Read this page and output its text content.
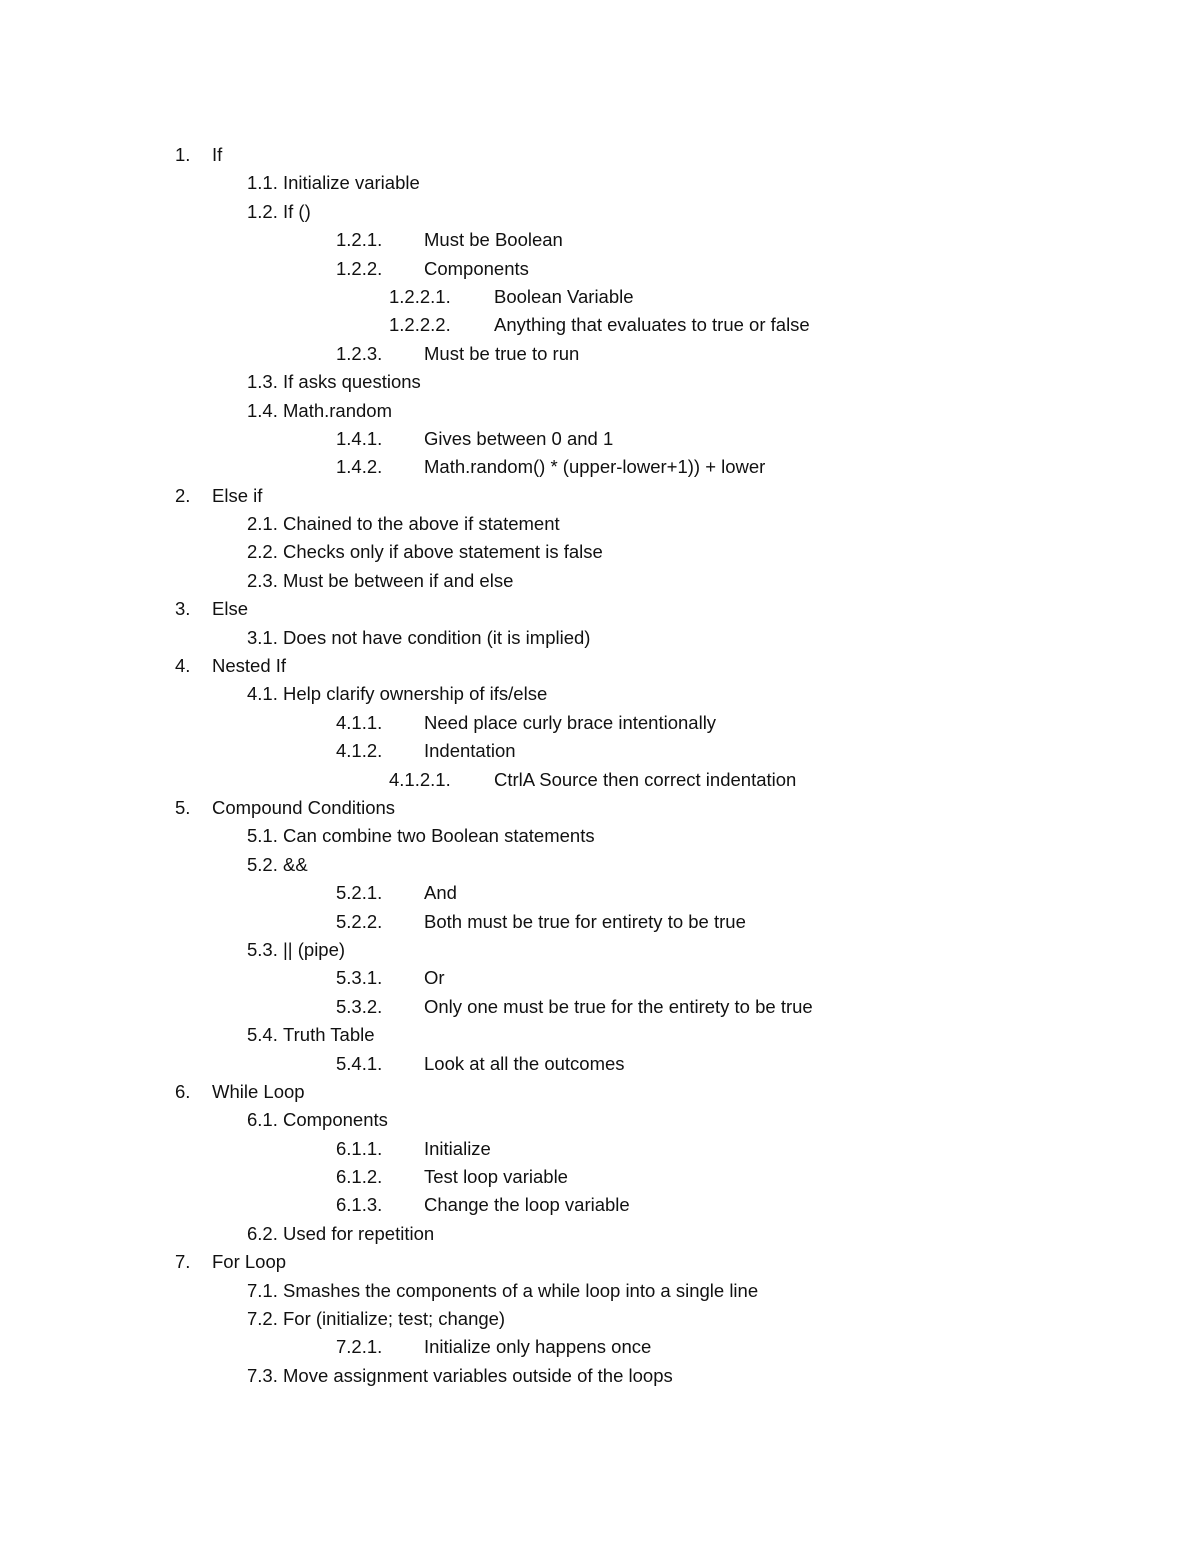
1. If
1.1. Initialize variable
1.2. If ()
1.2.1. Must be Boolean
1.2.2. Components
1.2.2.1. Boolean Variable
1.2.2.2. Anything that evaluates to true or false
1.2.3. Must be true to run
1.3. If asks questions
1.4. Math.random
1.4.1. Gives between 0 and 1
1.4.2. Math.random() * (upper-lower+1)) + lower
2. Else if
2.1. Chained to the above if statement
2.2. Checks only if above statement is false
2.3. Must be between if and else
3. Else
3.1. Does not have condition (it is implied)
4. Nested If
4.1. Help clarify ownership of ifs/else
4.1.1. Need place curly brace intentionally
4.1.2. Indentation
4.1.2.1. CtrlA Source then correct indentation
5. Compound Conditions
5.1. Can combine two Boolean statements
5.2. &&
5.2.1. And
5.2.2. Both must be true for entirety to be true
5.3. || (pipe)
5.3.1. Or
5.3.2. Only one must be true for the entirety to be true
5.4. Truth Table
5.4.1. Look at all the outcomes
6. While Loop
6.1. Components
6.1.1. Initialize
6.1.2. Test loop variable
6.1.3. Change the loop variable
6.2. Used for repetition
7. For Loop
7.1. Smashes the components of a while loop into a single line
7.2. For (initialize; test; change)
7.2.1. Initialize only happens once
7.3. Move assignment variables outside of the loops
